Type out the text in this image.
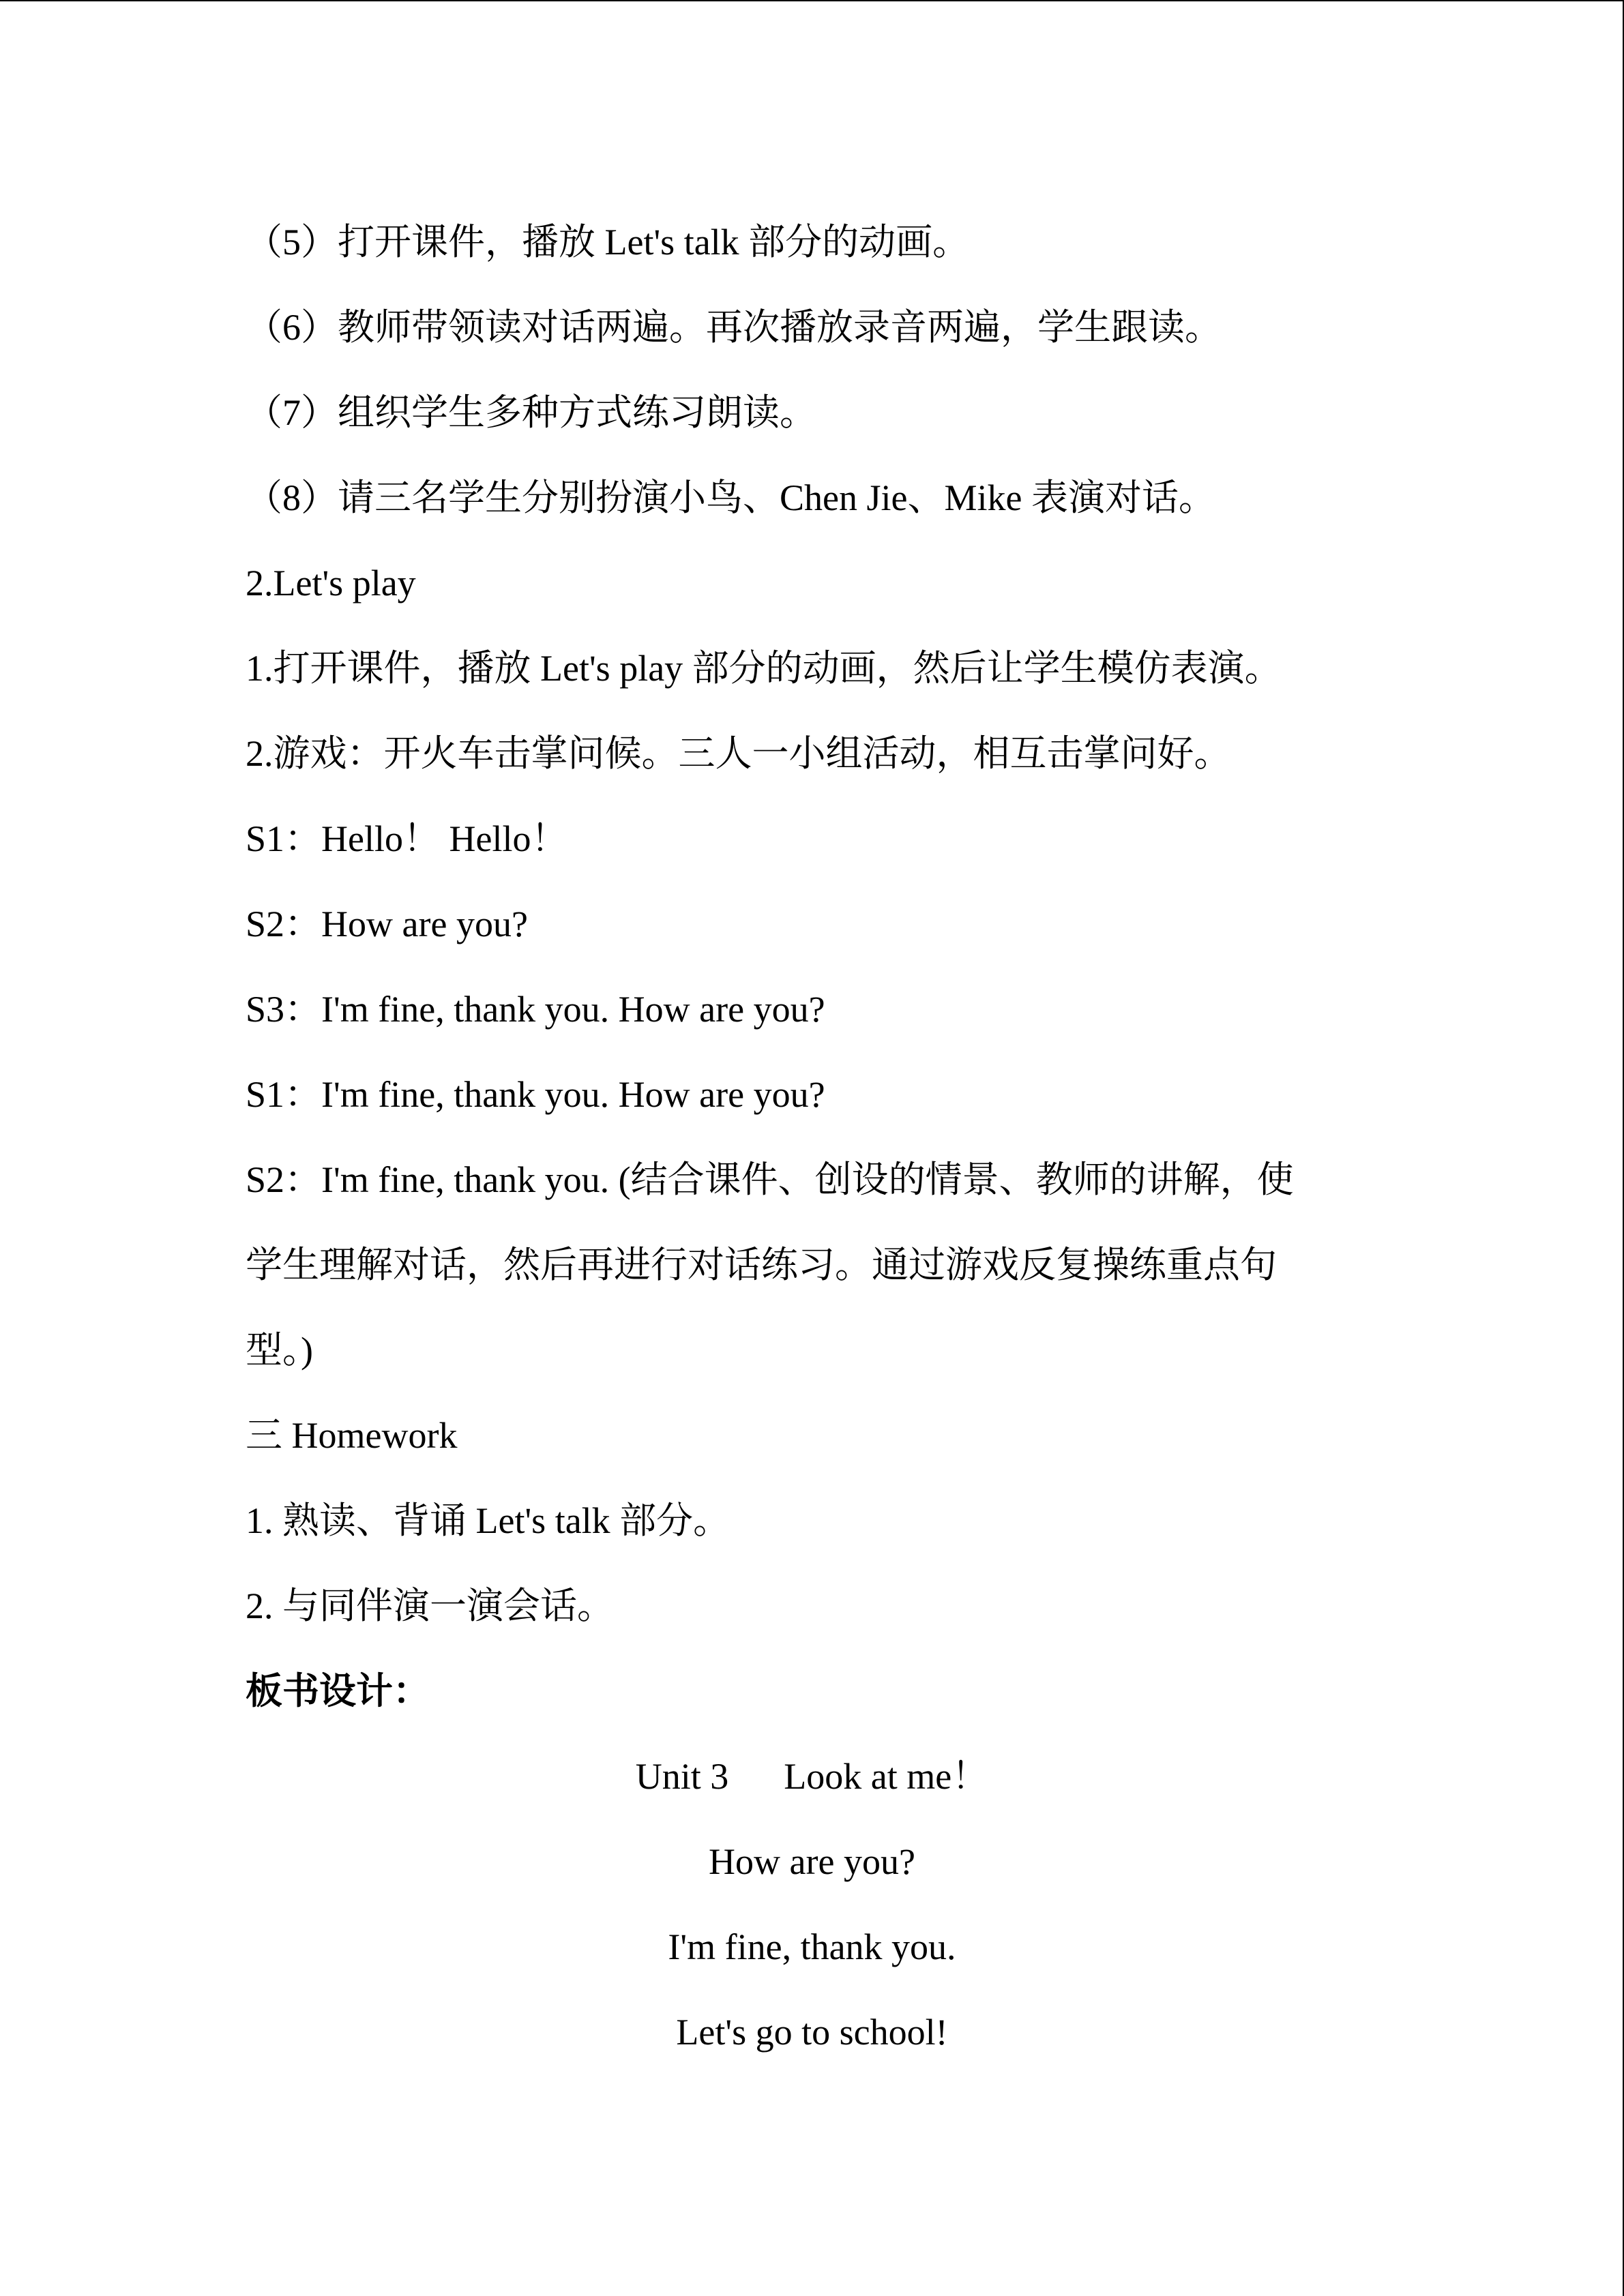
（5）打开课件，播放 Let's talk 部分的动画。
（6）教师带领读对话两遍。再次播放录音两遍，学生跟读。
（7）组织学生多种方式练习朗读。
（8）请三名学生分别扮演小鸟、Chen Jie、Mike 表演对话。
2.Let's play
1.打开课件，播放 Let's play 部分的动画，然后让学生模仿表演。
2.游戏：开火车击掌问候。三人一小组活动，相互击掌问好。
S1：Hello！ Hello！
S2：How are you?
S3：I'm fine, thank you. How are you?
S1：I'm fine, thank you. How are you?
S2：I'm fine, thank you. (结合课件、创设的情景、教师的讲解，使
学生理解对话，然后再进行对话练习。通过游戏反复操练重点句
型。)
三 Homework
1. 熟读、背诵 Let's talk 部分。
2. 与同伴演一演会话。
板书设计：
Unit 3      Look at me！
How are you?
I'm fine, thank you.
Let's go to school!
